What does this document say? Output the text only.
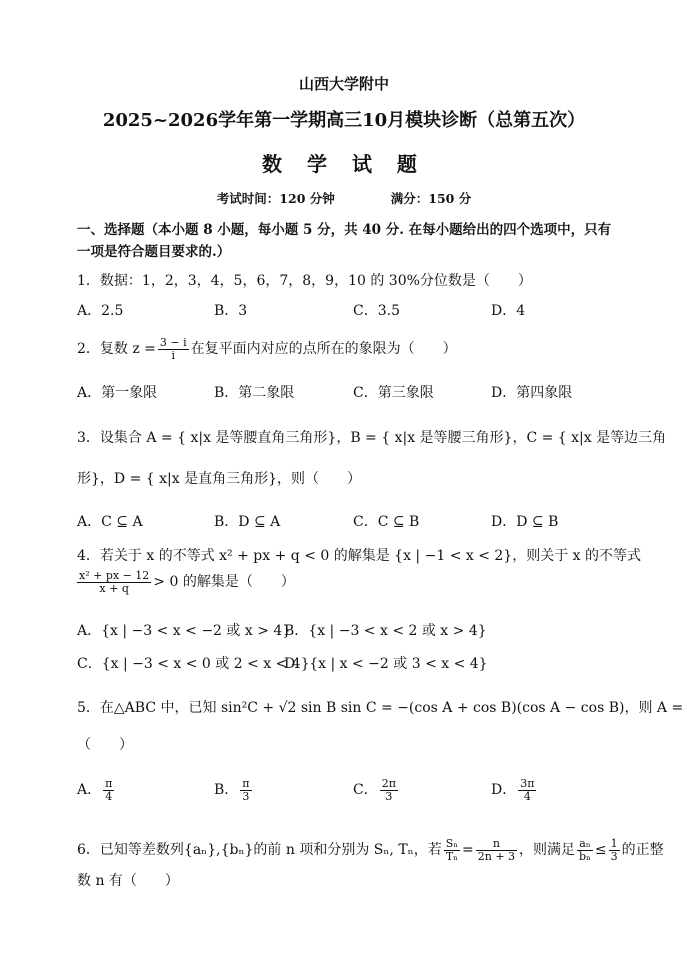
山西大学附中
2025~2026学年第一学期高三10月模块诊断（总第五次）
数 学 试 题
考试时间：120 分钟	满分：150 分
一、选择题（本小题 8 小题，每小题 5 分，共 40 分. 在每小题给出的四个选项中，只有
一项是符合题目要求的.）
1．数据：1，2，3，4，5，6，7，8，9，10 的 30%分位数是（　　）
A．2.5	B．3	C．3.5	D．4
2．复数 $z = \frac{3 - i}{i}$ 在复平面内对应的点所在的象限为（　　）
A．第一象限	B．第二象限	C．第三象限	D．第四象限
3．设集合 A = { x|x 是等腰直角三角形}，B = { x|x 是等腰三角形}，C = { x|x 是等边三角
形}，D = { x|x 是直角三角形}，则（　　）
A．C ⊆ A	B．D ⊆ A	C．C ⊆ B	D．D ⊆ B
4．若关于 x 的不等式 x² + px + q < 0 的解集是 {x | −1 < x < 2}，则关于 x 的不等式
$\frac{\text{x² + px − 12}}{x + q} > 0$ 的解集是（　　）
A．{x | −3 < x < −2 或 x > 4}
B．{x | −3 < x < 2 或 x > 4}
C．{x | −3 < x < 0 或 2 < x < 4}
D．{x | x < −2 或 3 < x < 4}
5．在△ABC 中，已知 sin²C + √2 sin B sin C = −(cos A + cos B)(cos A − cos B)，则 A =
（　　）
A． $\frac{\pi}{4}$	B． $\frac{\pi}{3}$	C． $\frac{2\pi}{3}$	D． $\frac{3\pi}{4}$
6．已知等差数列{aₙ},{bₙ}的前 n 项和分别为 Sₙ, Tₙ，若 $\frac{\text{Sₙ}}{\text{Tₙ}} = \frac{n}{2n + 3}$ ，则满足 $\frac{\text{aₙ}}{\text{bₙ}} \le \frac{1}{3}$ 的正整
数 n 有（　　）
